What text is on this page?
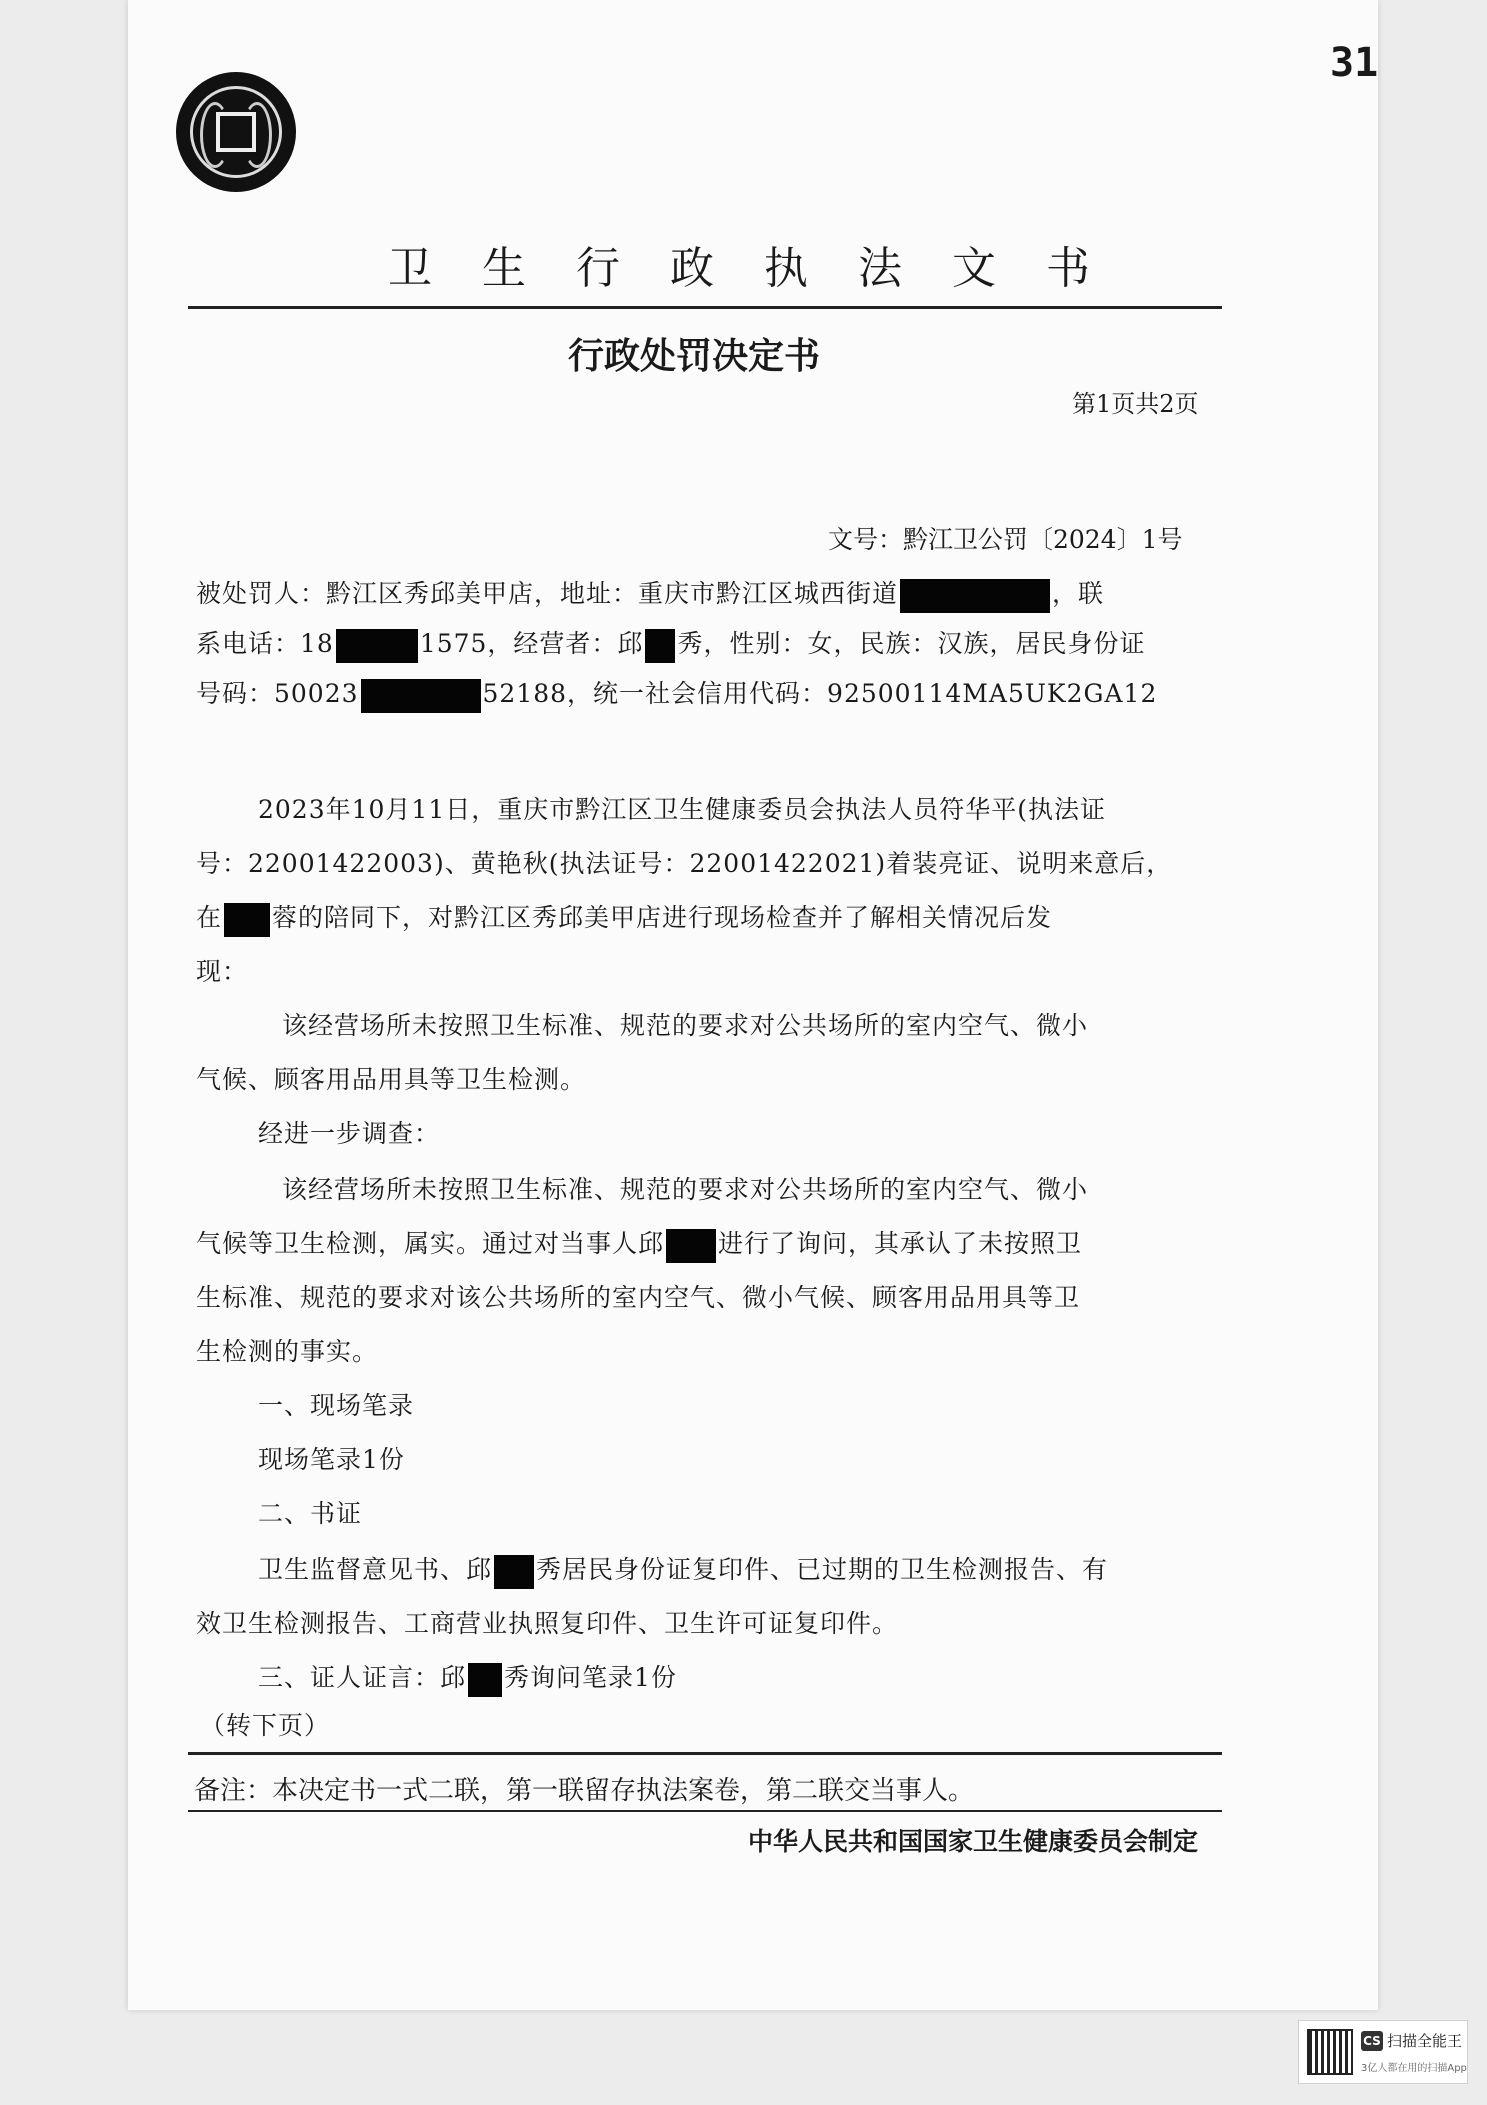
31
卫生行政执法文书
行政处罚决定书
第1页共2页
文号：黔江卫公罚〔2024〕1号
被处罚人：黔江区秀邱美甲店，地址：重庆市黔江区城西街道	，联
系电话：18	1575，经营者：邱 秀，性别：女，民族：汉族，居民身份证
号码：50023	52188，统一社会信用代码：92500114MA5UK2GA12
2023年10月11日，重庆市黔江区卫生健康委员会执法人员符华平(执法证
号：22001422003)、黄艳秋(执法证号：22001422021)着装亮证、说明来意后，
在 蓉的陪同下，对黔江区秀邱美甲店进行现场检查并了解相关情况后发
现：
该经营场所未按照卫生标准、规范的要求对公共场所的室内空气、微小
气候、顾客用品用具等卫生检测。
经进一步调查：
该经营场所未按照卫生标准、规范的要求对公共场所的室内空气、微小
气候等卫生检测，属实。通过对当事人邱 进行了询问，其承认了未按照卫
生标准、规范的要求对该公共场所的室内空气、微小气候、顾客用品用具等卫
生检测的事实。
一、现场笔录
现场笔录1份
二、书证
卫生监督意见书、邱 秀居民身份证复印件、已过期的卫生检测报告、有
效卫生检测报告、工商营业执照复印件、卫生许可证复印件。
三、证人证言：邱 秀询问笔录1份
（转下页）
备注：本决定书一式二联，第一联留存执法案卷，第二联交当事人。
中华人民共和国国家卫生健康委员会制定
CS 扫描全能王
3亿人都在用的扫描App
